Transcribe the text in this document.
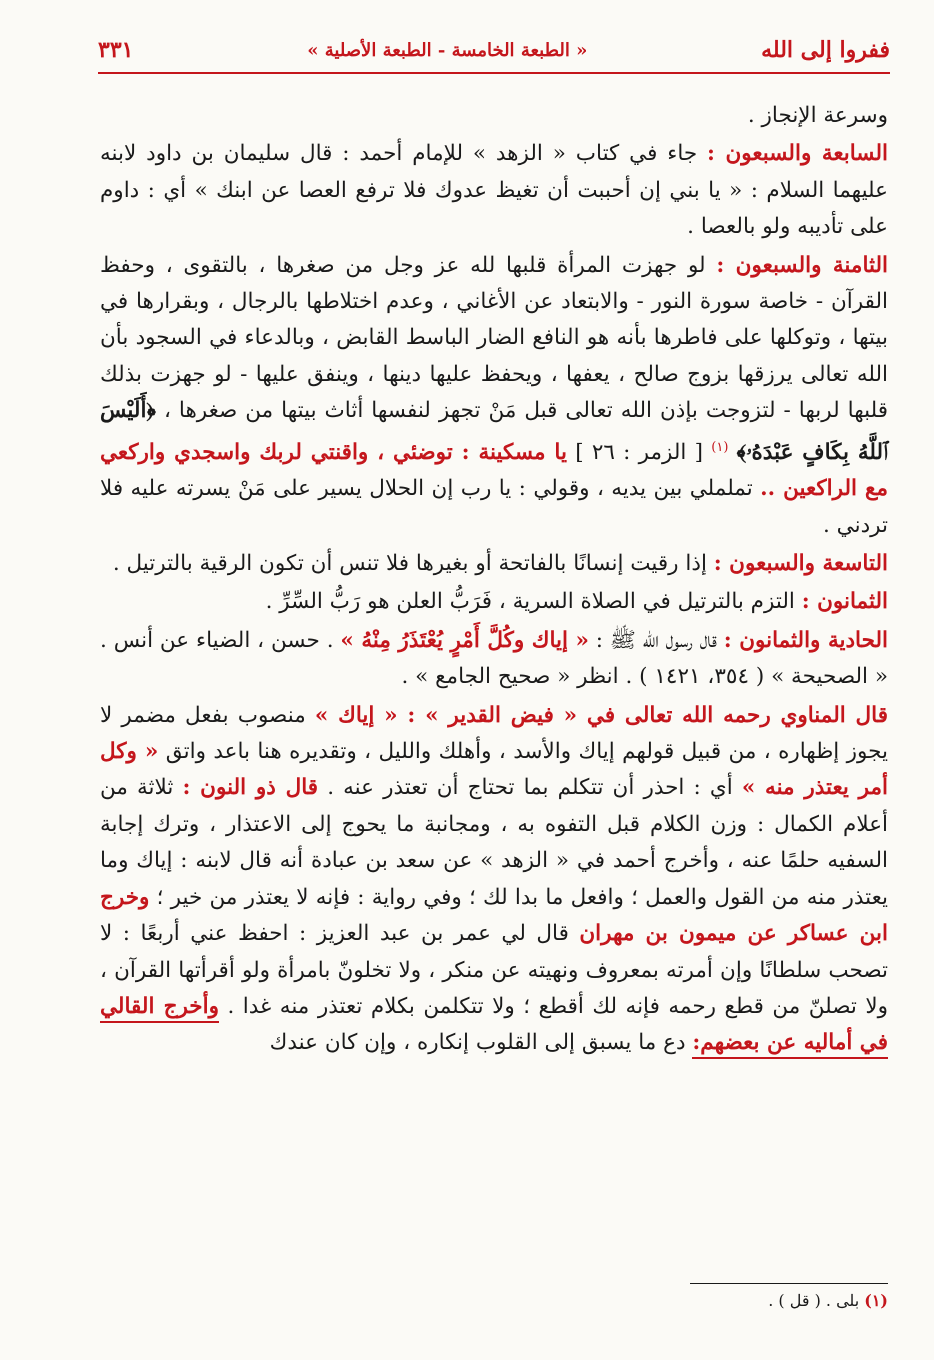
ففروا إلى الله
« الطبعة الخامسة - الطبعة الأصلية »
٣٣١

وسرعة الإنجاز .

السابعة والسبعون : جاء في كتاب « الزهد » للإمام أحمد : قال سليمان بن داود لابنه عليهما السلام : « يا بني إن أحببت أن تغيظ عدوك فلا ترفع العصا عن ابنك » أي : داوم على تأديبه ولو بالعصا .

الثامنة والسبعون : لو جهزت المرأة قلبها لله عز وجل من صغرها ، بالتقوى ، وحفظ القرآن - خاصة سورة النور - والابتعاد عن الأغاني ، وعدم اختلاطها بالرجال ، وبقرارها في بيتها ، وتوكلها على فاطرها بأنه هو النافع الضار الباسط القابض ، وبالدعاء في السجود بأن الله تعالى يرزقها بزوج صالح ، يعفها ، ويحفظ عليها دينها ، وينفق عليها - لو جهزت بذلك قلبها لربها - لتزوجت بإذن الله تعالى قبل مَنْ تجهز لنفسها أثاث بيتها من صغرها ، ﴿أَلَيْسَ ٱللَّهُ بِكَافٍ عَبْدَهُۥ﴾ $^{(١)}$ [ الزمر : ٢٦ ] يا مسكينة : توضئي ، واقنتي لربك واسجدي واركعي مع الراكعين .. تململي بين يديه ، وقولي : يا رب إن الحلال يسير على مَنْ يسرته عليه فلا تردني .

التاسعة والسبعون : إذا رقيت إنسانًا بالفاتحة أو بغيرها فلا تنس أن تكون الرقية بالترتيل .

الثمانون : التزم بالترتيل في الصلاة السرية ، فَرَبُّ العلن هو رَبُّ السِّرِّ .

الحادية والثمانون : قال رسول الله ﷺ : « إياك وكُلَّ أَمْرٍ يُعْتَذَرُ مِنْهُ » . حسن ، الضياء عن أنس . « الصحيحة » ( ٣٥٤، ١٤٢١ ) . انظر « صحيح الجامع » .

قال المناوي رحمه الله تعالى في « فيض القدير » : « إياك » منصوب بفعل مضمر لا يجوز إظهاره ، من قبيل قولهم إياك والأسد ، وأهلك والليل ، وتقديره هنا باعد واتق « وكل أمر يعتذر منه » أي : احذر أن تتكلم بما تحتاج أن تعتذر عنه . قال ذو النون : ثلاثة من أعلام الكمال : وزن الكلام قبل التفوه به ، ومجانبة ما يحوج إلى الاعتذار ، وترك إجابة السفيه حلمًا عنه ، وأخرج أحمد في « الزهد » عن سعد بن عبادة أنه قال لابنه : إياك وما يعتذر منه من القول والعمل ؛ وافعل ما بدا لك ؛ وفي رواية : فإنه لا يعتذر من خير ؛ وخرج ابن عساكر عن ميمون بن مهران قال لي عمر بن عبد العزيز : احفظ عني أربعًا : لا تصحب سلطانًا وإن أمرته بمعروف ونهيته عن منكر ، ولا تخلونّ بامرأة ولو أقرأتها القرآن ، ولا تصلنّ من قطع رحمه فإنه لك أقطع ؛ ولا تتكلمن بكلام تعتذر منه غدا . وأخرج القالي في أماليه عن بعضهم: دع ما يسبق إلى القلوب إنكاره ، وإن كان عندك

(١) بلى . ( قل ) .
